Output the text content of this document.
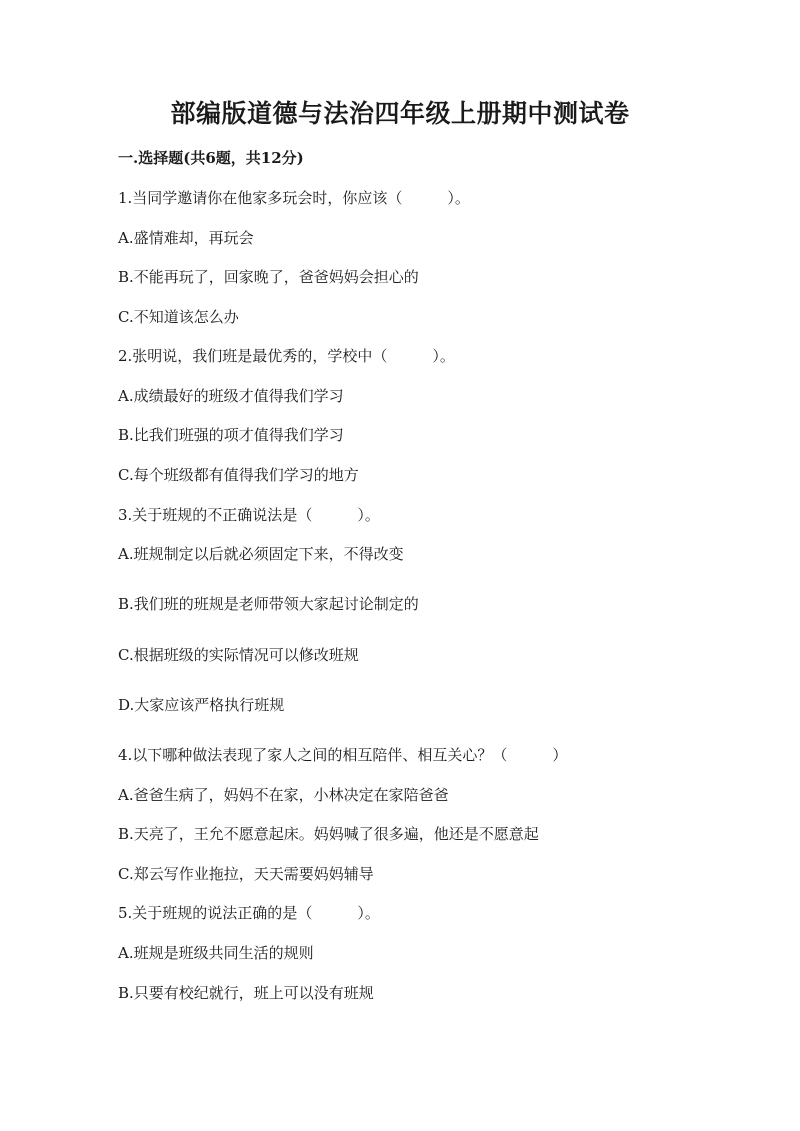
部编版道德与法治四年级上册期中测试卷
一.选择题(共6题，共12分)
1.当同学邀请你在他家多玩会时，你应该（　　　）。
A.盛情难却，再玩会
B.不能再玩了，回家晚了，爸爸妈妈会担心的
C.不知道该怎么办
2.张明说，我们班是最优秀的，学校中（　　　）。
A.成绩最好的班级才值得我们学习
B.比我们班强的项才值得我们学习
C.每个班级都有值得我们学习的地方
3.关于班规的不正确说法是（　　　）。
A.班规制定以后就必须固定下来，不得改变
B.我们班的班规是老师带领大家起讨论制定的
C.根据班级的实际情况可以修改班规
D.大家应该严格执行班规
4.以下哪种做法表现了家人之间的相互陪伴、相互关心？（　　　）
A.爸爸生病了，妈妈不在家，小林决定在家陪爸爸
B.天亮了，王允不愿意起床。妈妈喊了很多遍，他还是不愿意起
C.郑云写作业拖拉，天天需要妈妈辅导
5.关于班规的说法正确的是（　　　）。
A.班规是班级共同生活的规则
B.只要有校纪就行，班上可以没有班规
